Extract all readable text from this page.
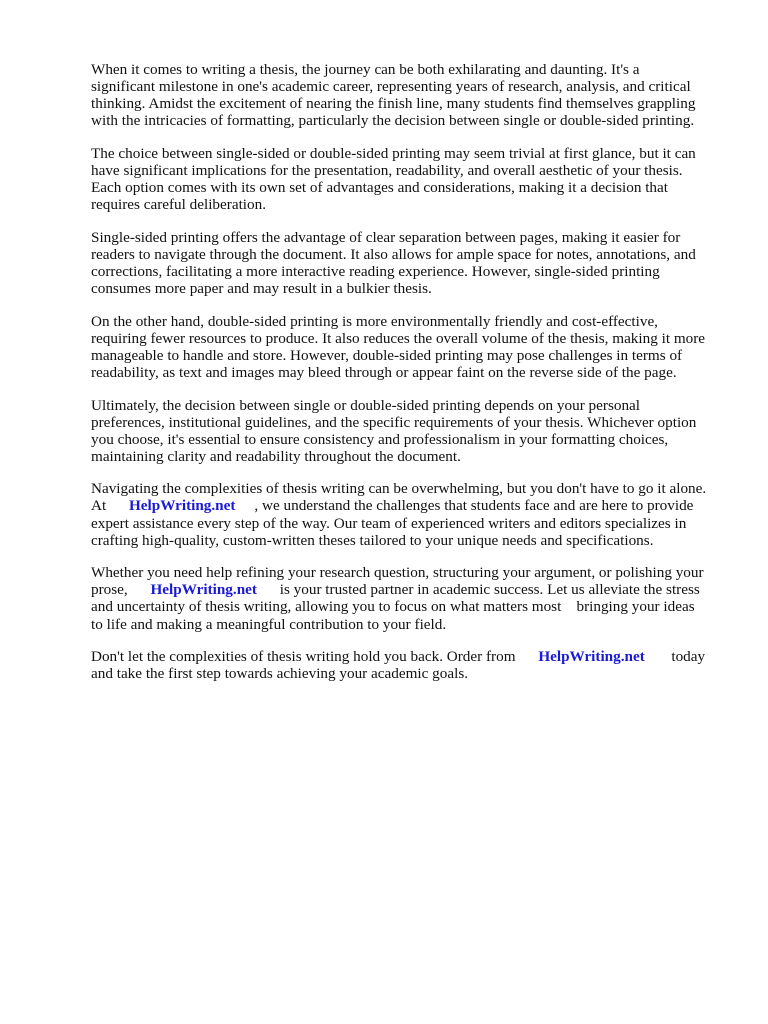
When it comes to writing a thesis, the journey can be both exhilarating and daunting. It's a
significant milestone in one's academic career, representing years of research, analysis, and critical
thinking. Amidst the excitement of nearing the finish line, many students find themselves grappling
with the intricacies of formatting, particularly the decision between single or double-sided printing.

The choice between single-sided or double-sided printing may seem trivial at first glance, but it can
have significant implications for the presentation, readability, and overall aesthetic of your thesis.
Each option comes with its own set of advantages and considerations, making it a decision that
requires careful deliberation.

Single-sided printing offers the advantage of clear separation between pages, making it easier for
readers to navigate through the document. It also allows for ample space for notes, annotations, and
corrections, facilitating a more interactive reading experience. However, single-sided printing
consumes more paper and may result in a bulkier thesis.

On the other hand, double-sided printing is more environmentally friendly and cost-effective,
requiring fewer resources to produce. It also reduces the overall volume of the thesis, making it more
manageable to handle and store. However, double-sided printing may pose challenges in terms of
readability, as text and images may bleed through or appear faint on the reverse side of the page.

Ultimately, the decision between single or double-sided printing depends on your personal
preferences, institutional guidelines, and the specific requirements of your thesis. Whichever option
you choose, it's essential to ensure consistency and professionalism in your formatting choices,
maintaining clarity and readability throughout the document.

Navigating the complexities of thesis writing can be overwhelming, but you don't have to go it alone.
At      HelpWriting.net     , we understand the challenges that students face and are here to provide
expert assistance every step of the way. Our team of experienced writers and editors specializes in
crafting high-quality, custom-written theses tailored to your unique needs and specifications.

Whether you need help refining your research question, structuring your argument, or polishing your
prose,      HelpWriting.net      is your trusted partner in academic success. Let us alleviate the stress
and uncertainty of thesis writing, allowing you to focus on what matters most    bringing your ideas
to life and making a meaningful contribution to your field.

Don't let the complexities of thesis writing hold you back. Order from      HelpWriting.net       today
and take the first step towards achieving your academic goals.
